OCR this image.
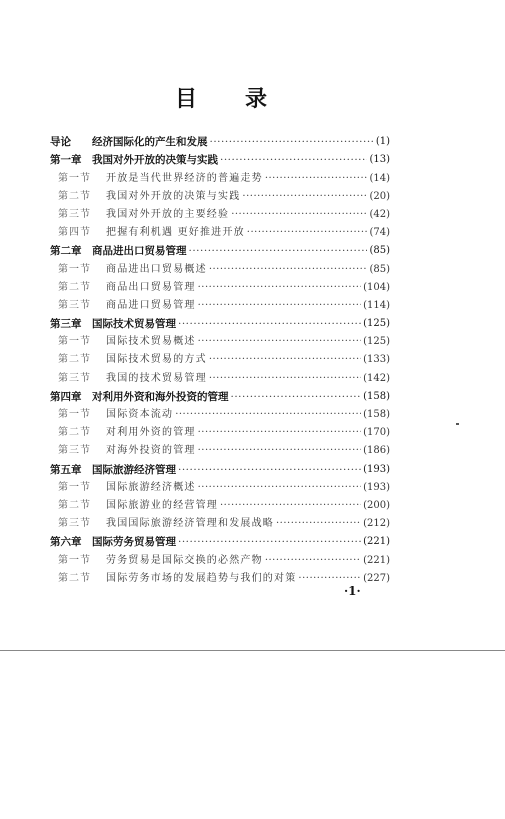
目 录
导论	经济国际化的产生和发展 ·····	(1)
第一章	我国对外开放的决策与实践 ·····	(13)
第一节	开放是当代世界经济的普遍走势 ·····	(14)
第二节	我国对外开放的决策与实践 ·····	(20)
第三节	我国对外开放的主要经验 ·····	(42)
第四节	把握有利机遇 更好推进开放 ·····	(74)
第二章	商品进出口贸易管理 ·····	(85)
第一节	商品进出口贸易概述 ·····	(85)
第二节	商品出口贸易管理 ·····	(104)
第三节	商品进口贸易管理 ·····	(114)
第三章	国际技术贸易管理 ·····	(125)
第一节	国际技术贸易概述 ·····	(125)
第二节	国际技术贸易的方式 ·····	(133)
第三节	我国的技术贸易管理 ·····	(142)
第四章	对利用外资和海外投资的管理 ·····	(158)
第一节	国际资本流动 ·····	(158)
第二节	对利用外资的管理 ·····	(170)
第三节	对海外投资的管理 ·····	(186)
第五章	国际旅游经济管理 ·····	(193)
第一节	国际旅游经济概述 ·····	(193)
第二节	国际旅游业的经营管理 ·····	(200)
第三节	我国国际旅游经济管理和发展战略 ·····	(212)
第六章	国际劳务贸易管理 ·····	(221)
第一节	劳务贸易是国际交换的必然产物 ·····	(221)
第二节	国际劳务市场的发展趋势与我们的对策 ·····	(227)
·1·
